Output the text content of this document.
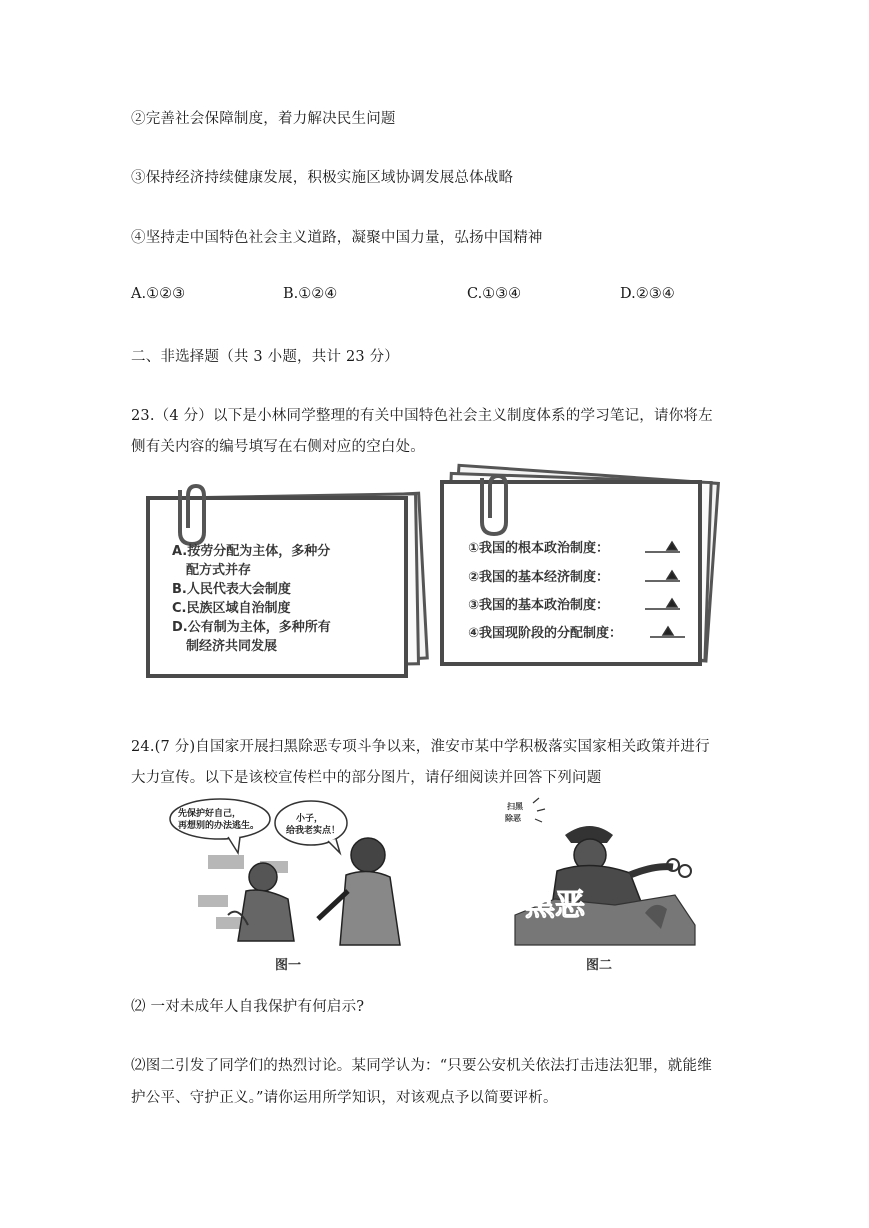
②完善社会保障制度，着力解决民生问题
③保持经济持续健康发展，积极实施区域协调发展总体战略
④坚持走中国特色社会主义道路，凝聚中国力量，弘扬中国精神
A.①②③	B.①②④	C.①③④	D.②③④
二、非选择题（共 3 小题，共计 23 分）
23.（4 分）以下是小林同学整理的有关中国特色社会主义制度体系的学习笔记，请你将左
侧有关内容的编号填写在右侧对应的空白处。
A.按劳分配为主体，多种分
配方式并存
B.人民代表大会制度
C.民族区域自治制度
D.公有制为主体，多种所有
制经济共同发展
①我国的根本政治制度：
②我国的基本经济制度：
③我国的基本政治制度：
④我国现阶段的分配制度：
24.(7 分)自国家开展扫黑除恶专项斗争以来，淮安市某中学积极落实国家相关政策并进行
大力宣传。以下是该校宣传栏中的部分图片，请仔细阅读并回答下列问题
先保护好自己，
再想别的办法逃生。
小子，
给我老实点！
图一
扫黑
除恶
黑恶
图二
⑵ 一对未成年人自我保护有何启示?
⑵图二引发了同学们的热烈讨论。某同学认为：“只要公安机关依法打击违法犯罪，就能维
护公平、守护正义。”请你运用所学知识，对该观点予以简要评析。
